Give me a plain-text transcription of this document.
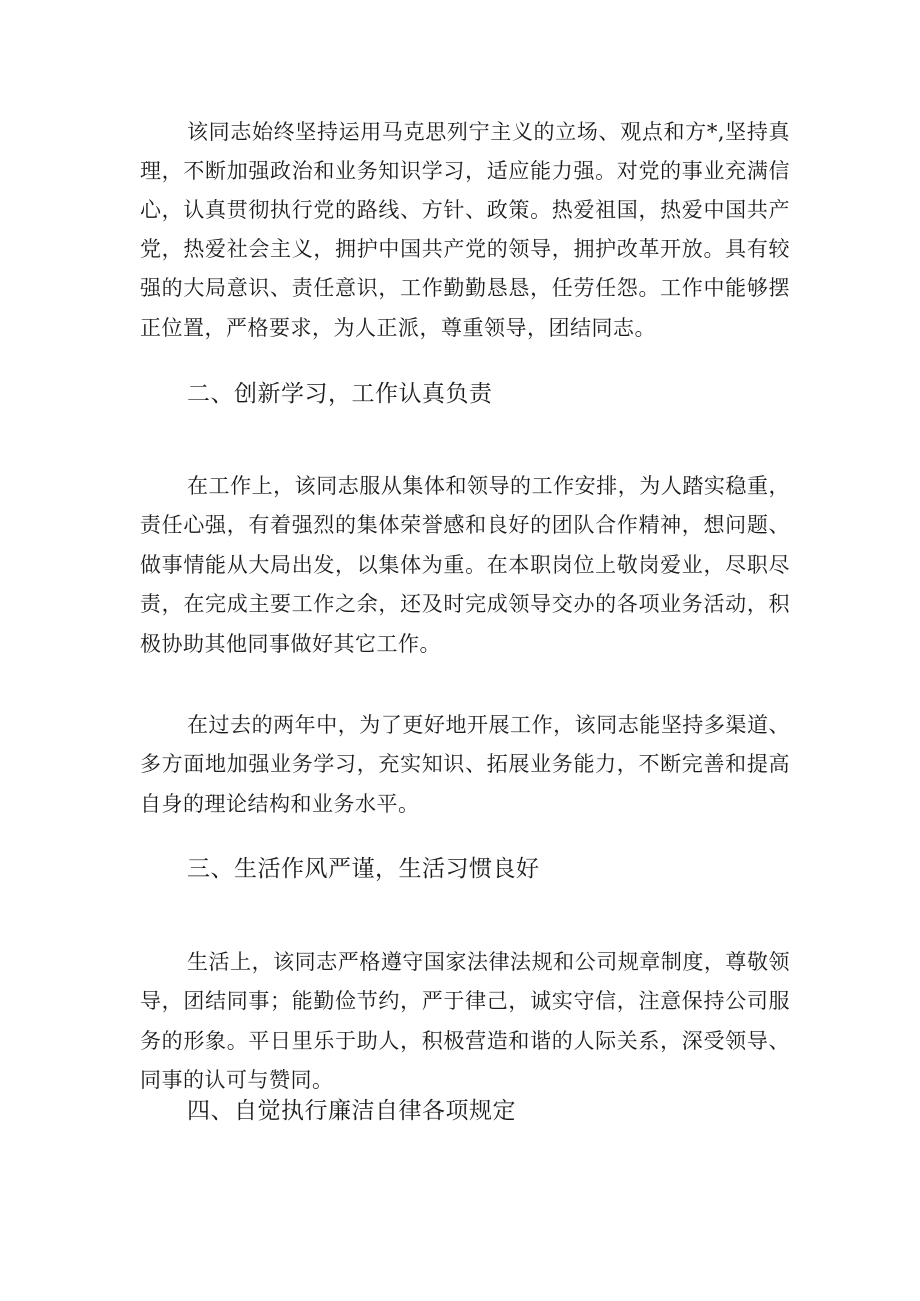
该同志始终坚持运用马克思列宁主义的立场、观点和方*,坚持真
理，不断加强政治和业务知识学习，适应能力强。对党的事业充满信
心，认真贯彻执行党的路线、方针、政策。热爱祖国，热爱中国共产
党，热爱社会主义，拥护中国共产党的领导，拥护改革开放。具有较
强的大局意识、责任意识，工作勤勤恳恳，任劳任怨。工作中能够摆
正位置，严格要求，为人正派，尊重领导，团结同志。
二、创新学习，工作认真负责
在工作上，该同志服从集体和领导的工作安排，为人踏实稳重，
责任心强，有着强烈的集体荣誉感和良好的团队合作精神，想问题、
做事情能从大局出发，以集体为重。在本职岗位上敬岗爱业，尽职尽
责，在完成主要工作之余，还及时完成领导交办的各项业务活动，积
极协助其他同事做好其它工作。
在过去的两年中，为了更好地开展工作，该同志能坚持多渠道、
多方面地加强业务学习，充实知识、拓展业务能力，不断完善和提高
自身的理论结构和业务水平。
三、生活作风严谨，生活习惯良好
生活上，该同志严格遵守国家法律法规和公司规章制度，尊敬领
导，团结同事；能勤俭节约，严于律己，诚实守信，注意保持公司服
务的形象。平日里乐于助人，积极营造和谐的人际关系，深受领导、
同事的认可与赞同。
四、自觉执行廉洁自律各项规定
